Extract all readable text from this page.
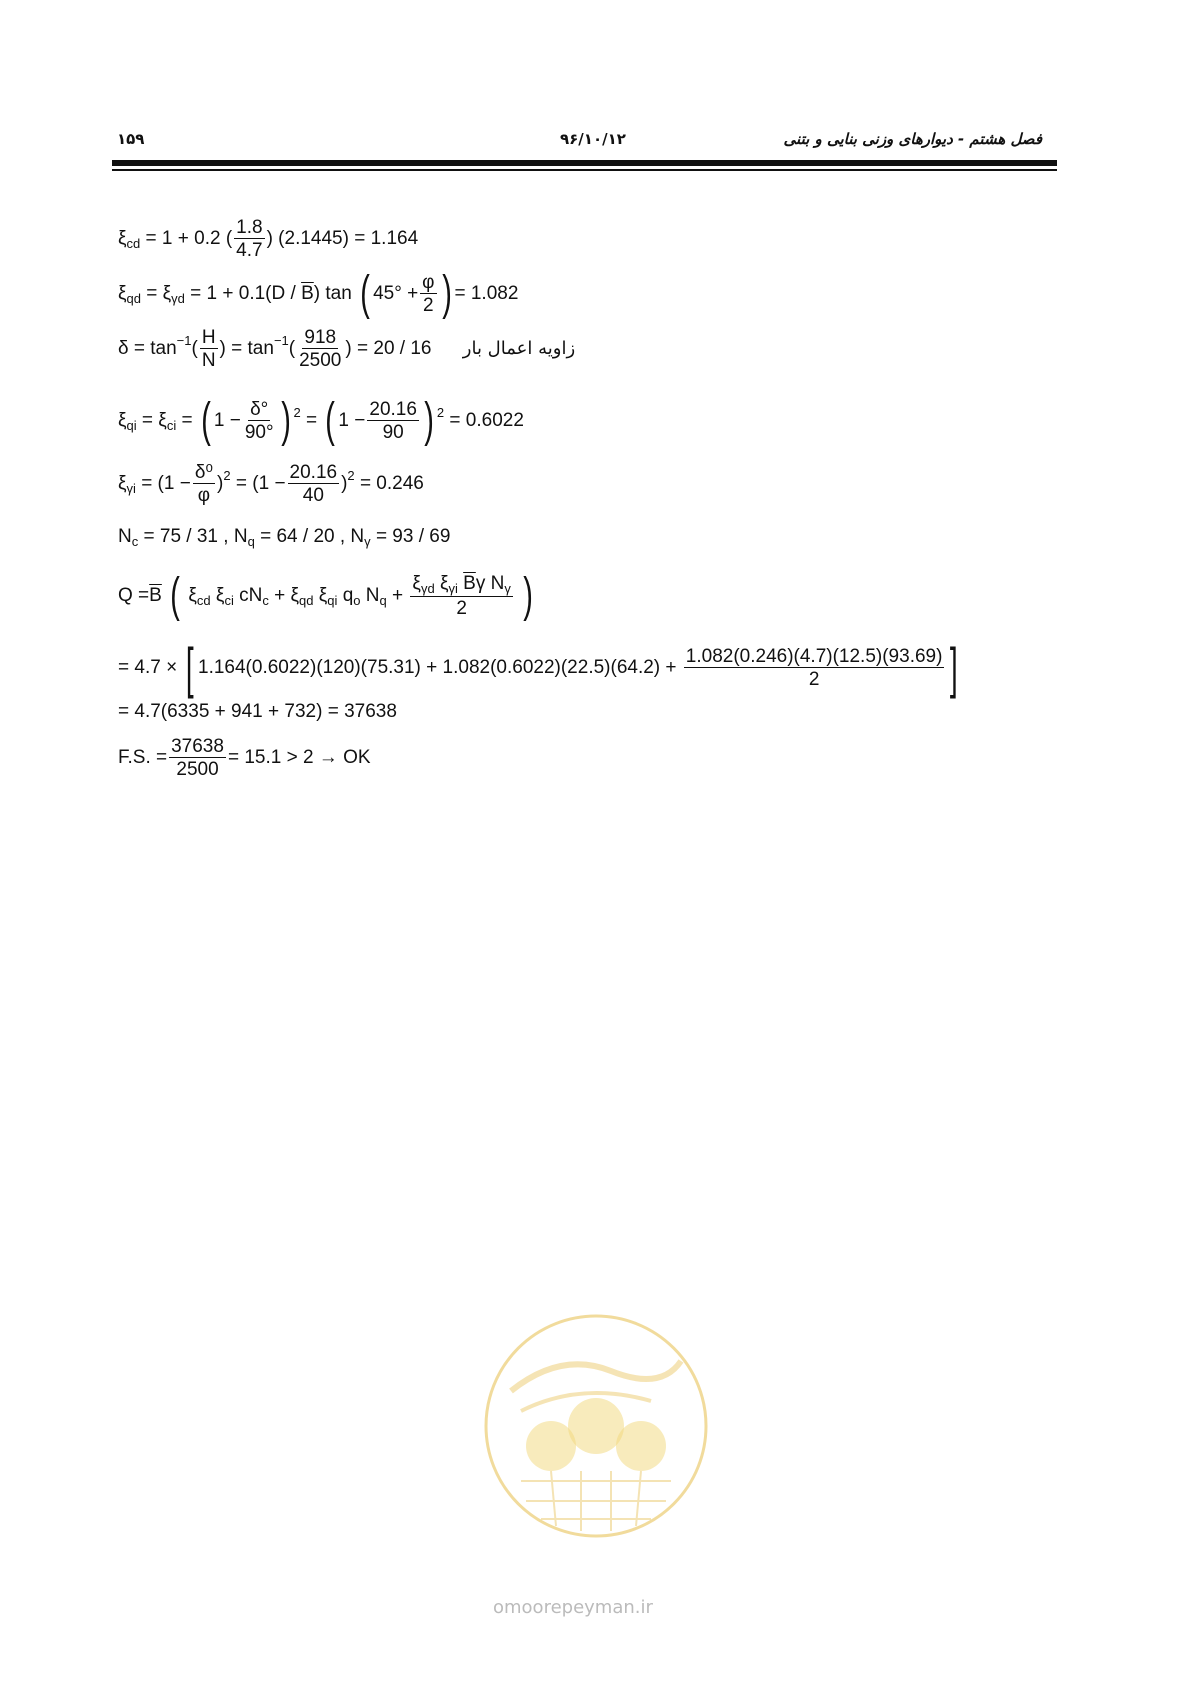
فصل هشتم - دیوارهای وزنی بنایی و بتنی
۹۶/۱۰/۱۲
۱۵۹
$\xi_{cd} = 1 + 0.2$ ( $\frac{1.8}{4.7}$ ) (2.1445) = 1.164
$\xi_{qd} = \xi_{\gamma d} = 1 + 0.1(D / \overline{B})$ tan ( $45^\circ + \frac{\varphi}{2}$ ) = 1.082
$\delta = \tan^{-1}( \frac{H}{N}$ ) = $\tan^{-1}( \frac{918}{2500}$ ) = 20 / 16 زاویه اعمال بار
$\xi_{qi} = \xi_{ci}$ = ( $1 - \frac{\delta^\circ}{90^\circ}$ ) $^2$ = ( $1 - \frac{20.16}{90}$ ) $^2$ = 0.6022
$\xi_{\gamma i} = (1 - \frac{\text{δ⁰}}{\varphi} )^2 = (1 - \frac{20.16}{40} )^2 = 0.246$
$N_c = 75 / 31$ , $N_q = 64 / 20$ , $N_\gamma = 93 / 69$
$Q =\overline{B}$ ( $\xi_{cd}$ $\xi_{ci}$ $cN_c + \xi_{qd}$ $\xi_{qi}$ $q_o$ $N_q + \frac{\xi_{\gamma d} \xi_{\gamma i} \overline{B}\gamma N_\gamma}{2}$ )
= 4.7 × [ $1.164(0.6022)(120)(75.31) + 1.082(0.6022)(22.5)(64.2) + \frac{1.082(0.246)(4.7)(12.5)(93.69)}{2}$ ]
= 4.7(6335 + 941 + 732) = 37638
F.S. = $\frac{37638}{2500} = 15.1 > 2$ → OK
omoorepeyman.ir
